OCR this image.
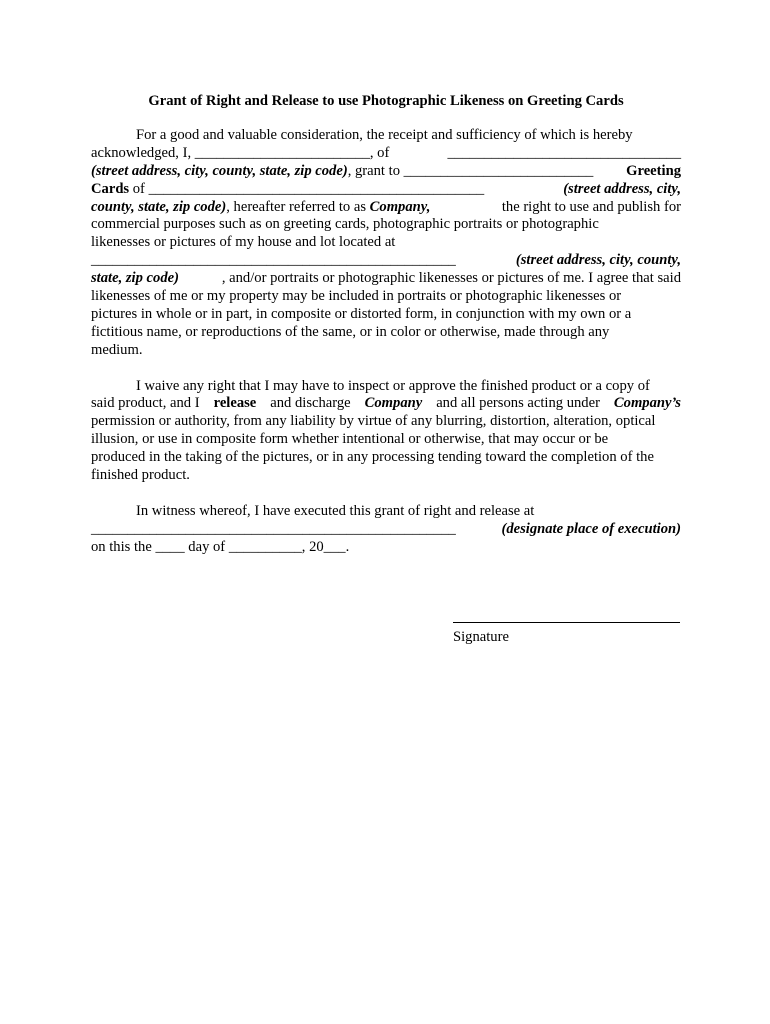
Grant of Right and Release to use Photographic Likeness on Greeting Cards
For a good and valuable consideration, the receipt and sufficiency of which is hereby
acknowledged, I, ________________________, of	________________________________
(street address, city, county, state, zip code), grant to __________________________ Greeting
Cards of ______________________________________________	(street address, city,
county, state, zip code), hereafter referred to as Company,	the right to use and publish for
commercial purposes such as on greeting cards, photographic portraits or photographic
likenesses or pictures of my house and lot located at
__________________________________________________	(street address, city, county,
state, zip code)	, and/or portraits or photographic likenesses or pictures of me. I agree that said
likenesses of me or my property may be included in portraits or photographic likenesses or
pictures in whole or in part, in composite or distorted form, in conjunction with my own or a
fictitious name, or reproductions of the same, or in color or otherwise, made through any
medium.
I waive any right that I may have to inspect or approve the finished product or a copy of
said product, and I release and discharge Company and all persons acting under Company’s
permission or authority, from any liability by virtue of any blurring, distortion, alteration, optical
illusion, or use in composite form whether intentional or otherwise, that may occur or be
produced in the taking of the pictures, or in any processing tending toward the completion of the
finished product.
In witness whereof, I have executed this grant of right and release at
__________________________________________________	(designate place of execution)
on this the ____ day of __________, 20___.
Signature
